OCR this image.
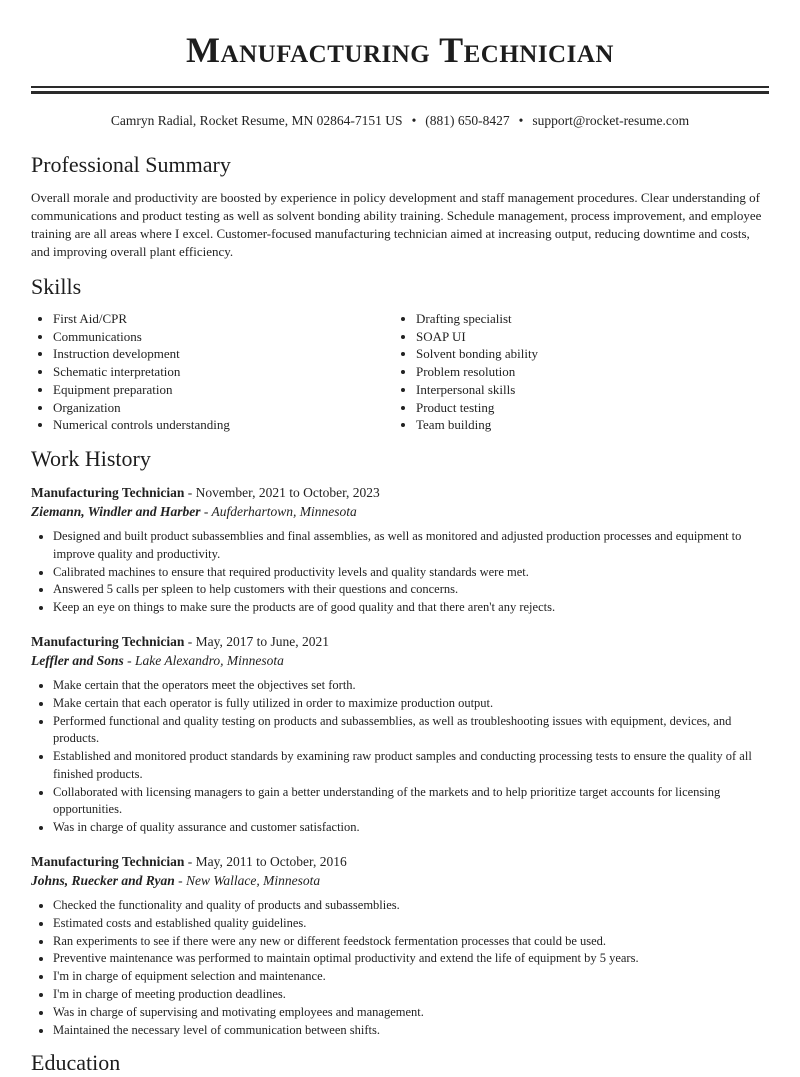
Manufacturing Technician
Camryn Radial, Rocket Resume, MN 02864-7151 US • (881) 650-8427 • support@rocket-resume.com
Professional Summary

Overall morale and productivity are boosted by experience in policy development and staff management procedures. Clear understanding of communications and product testing as well as solvent bonding ability training. Schedule management, process improvement, and employee training are all areas where I excel. Customer-focused manufacturing technician aimed at increasing output, reducing downtime and costs, and improving overall plant efficiency.

Skills
• First Aid/CPR
• Communications
• Instruction development
• Schematic interpretation
• Equipment preparation
• Organization
• Numerical controls understanding
• Drafting specialist
• SOAP UI
• Solvent bonding ability
• Problem resolution
• Interpersonal skills
• Product testing
• Team building
Work History
Manufacturing Technician - November, 2021 to October, 2023
Ziemann, Windler and Harber - Aufderhartown, Minnesota
• Designed and built product subassemblies and final assemblies, as well as monitored and adjusted production processes and equipment to improve quality and productivity.
• Calibrated machines to ensure that required productivity levels and quality standards were met.
• Answered 5 calls per spleen to help customers with their questions and concerns.
• Keep an eye on things to make sure the products are of good quality and that there aren't any rejects.
Manufacturing Technician - May, 2017 to June, 2021
Leffler and Sons - Lake Alexandro, Minnesota
• Make certain that the operators meet the objectives set forth.
• Make certain that each operator is fully utilized in order to maximize production output.
• Performed functional and quality testing on products and subassemblies, as well as troubleshooting issues with equipment, devices, and products.
• Established and monitored product standards by examining raw product samples and conducting processing tests to ensure the quality of all finished products.
• Collaborated with licensing managers to gain a better understanding of the markets and to help prioritize target accounts for licensing opportunities.
• Was in charge of quality assurance and customer satisfaction.
Manufacturing Technician - May, 2011 to October, 2016
Johns, Ruecker and Ryan - New Wallace, Minnesota
• Checked the functionality and quality of products and subassemblies.
• Estimated costs and established quality guidelines.
• Ran experiments to see if there were any new or different feedstock fermentation processes that could be used.
• Preventive maintenance was performed to maintain optimal productivity and extend the life of equipment by 5 years.
• I'm in charge of equipment selection and maintenance.
• I'm in charge of meeting production deadlines.
• Was in charge of supervising and motivating employees and management.
• Maintained the necessary level of communication between shifts.
Education
